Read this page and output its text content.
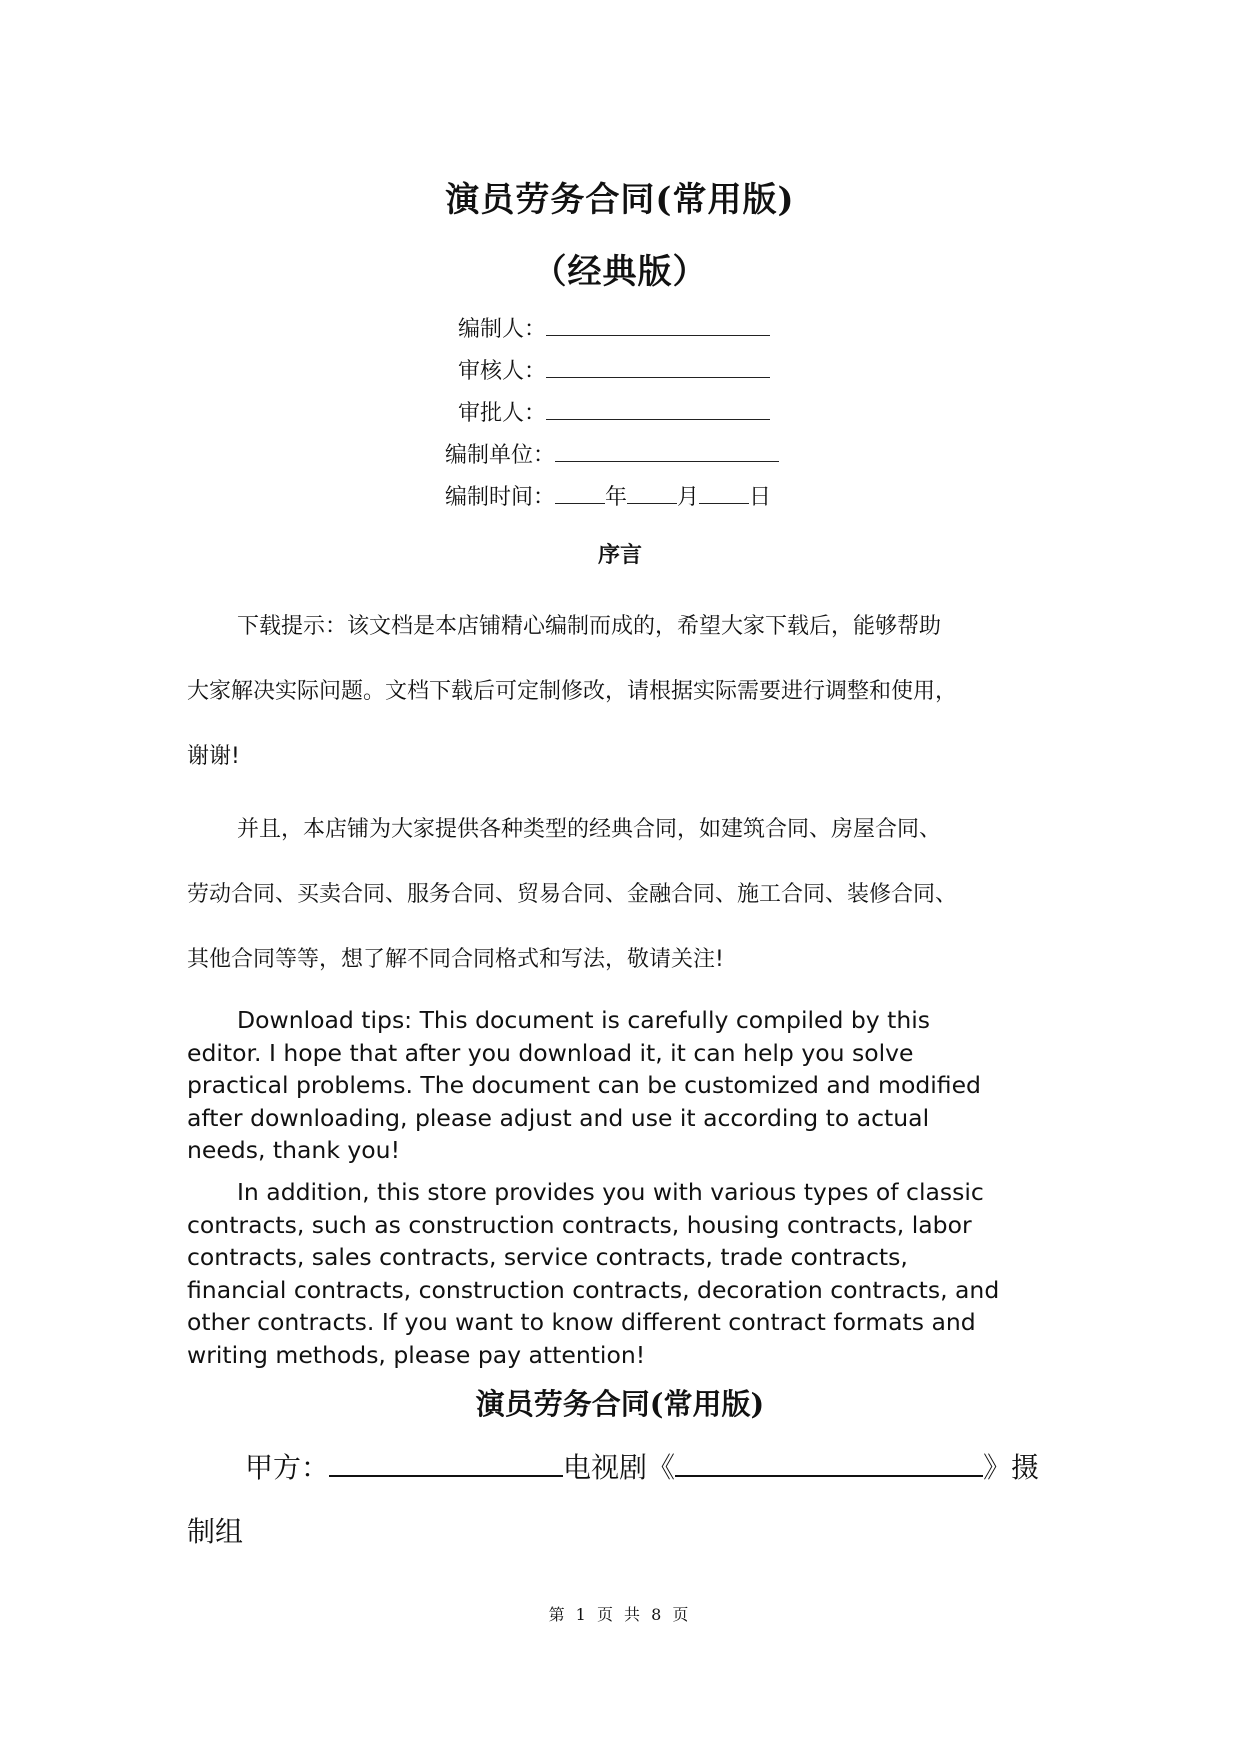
演员劳务合同(常用版)
（经典版）
编制人：
审核人：
审批人：
编制单位：
编制时间： 年 月 日
序言

下载提示：该文档是本店铺精心编制而成的，希望大家下载后，能够帮助

大家解决实际问题。文档下载后可定制修改，请根据实际需要进行调整和使用，

谢谢!

并且，本店铺为大家提供各种类型的经典合同，如建筑合同、房屋合同、

劳动合同、买卖合同、服务合同、贸易合同、金融合同、施工合同、装修合同、

其他合同等等，想了解不同合同格式和写法，敬请关注!

Download tips: This document is carefully compiled by this

editor. I hope that after you download it, it can help you solve

practical problems. The document can be customized and modified

after downloading, please adjust and use it according to actual

needs, thank you!

In addition, this store provides you with various types of classic

contracts, such as construction contracts, housing contracts, labor

contracts, sales contracts, service contracts, trade contracts,

financial contracts, construction contracts, decoration contracts, and

other contracts. If you want to know different contract formats and

writing methods, please pay attention!

演员劳务合同(常用版)
甲方：	电视剧《	》摄
制组
第 1 页 共 8 页
